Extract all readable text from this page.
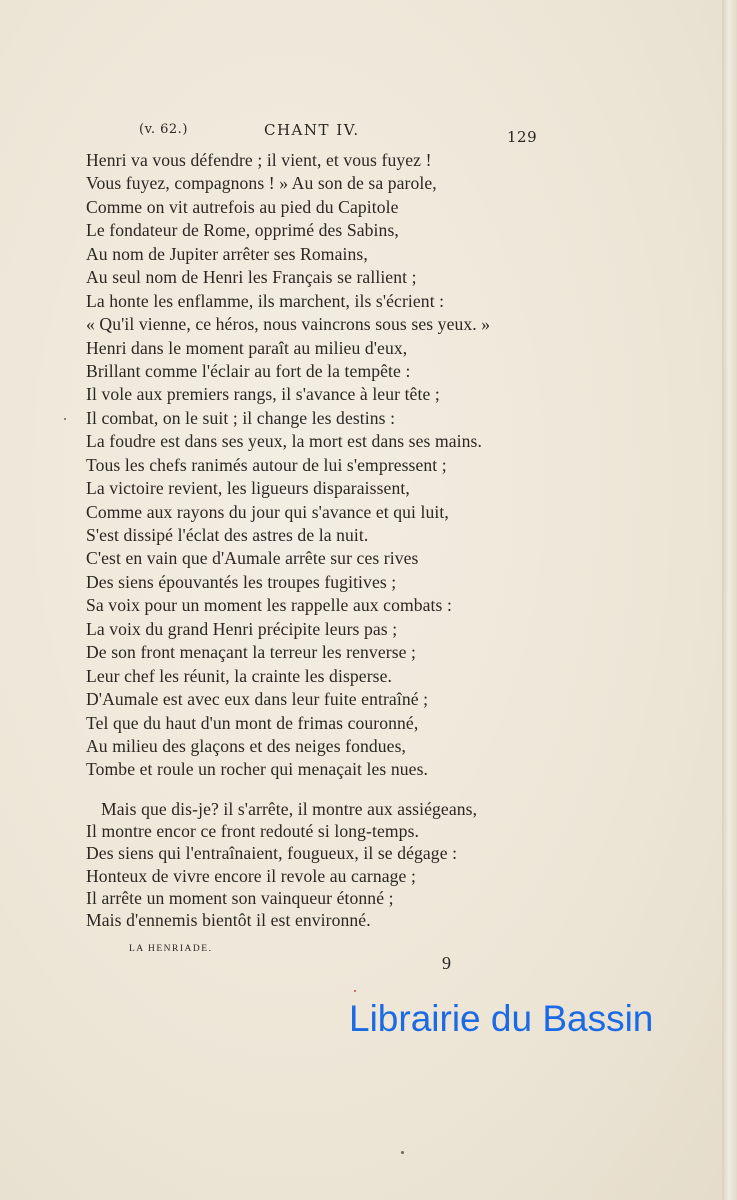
(v. 62.)	CHANT IV.	129
Henri va vous défendre ; il vient, et vous fuyez !
Vous fuyez, compagnons ! » Au son de sa parole,
Comme on vit autrefois au pied du Capitole
Le fondateur de Rome, opprimé des Sabins,
Au nom de Jupiter arrêter ses Romains,
Au seul nom de Henri les Français se rallient ;
La honte les enflamme, ils marchent, ils s'écrient :
« Qu'il vienne, ce héros, nous vaincrons sous ses yeux. »
Henri dans le moment paraît au milieu d'eux,
Brillant comme l'éclair au fort de la tempête :
Il vole aux premiers rangs, il s'avance à leur tête ;
Il combat, on le suit ; il change les destins :
La foudre est dans ses yeux, la mort est dans ses mains.
Tous les chefs ranimés autour de lui s'empressent ;
La victoire revient, les ligueurs disparaissent,
Comme aux rayons du jour qui s'avance et qui luit,
S'est dissipé l'éclat des astres de la nuit.
C'est en vain que d'Aumale arrête sur ces rives
Des siens épouvantés les troupes fugitives ;
Sa voix pour un moment les rappelle aux combats :
La voix du grand Henri précipite leurs pas ;
De son front menaçant la terreur les renverse ;
Leur chef les réunit, la crainte les disperse.
D'Aumale est avec eux dans leur fuite entraîné ;
Tel que du haut d'un mont de frimas couronné,
Au milieu des glaçons et des neiges fondues,
Tombe et roule un rocher qui menaçait les nues.
Mais que dis-je? il s'arrête, il montre aux assiégeans,
Il montre encor ce front redouté si long-temps.
Des siens qui l'entraînaient, fougueux, il se dégage :
Honteux de vivre encore il revole au carnage ;
Il arrête un moment son vainqueur étonné ;
Mais d'ennemis bientôt il est environné.
LA HENRIADE.
9
Librairie du Bassin
